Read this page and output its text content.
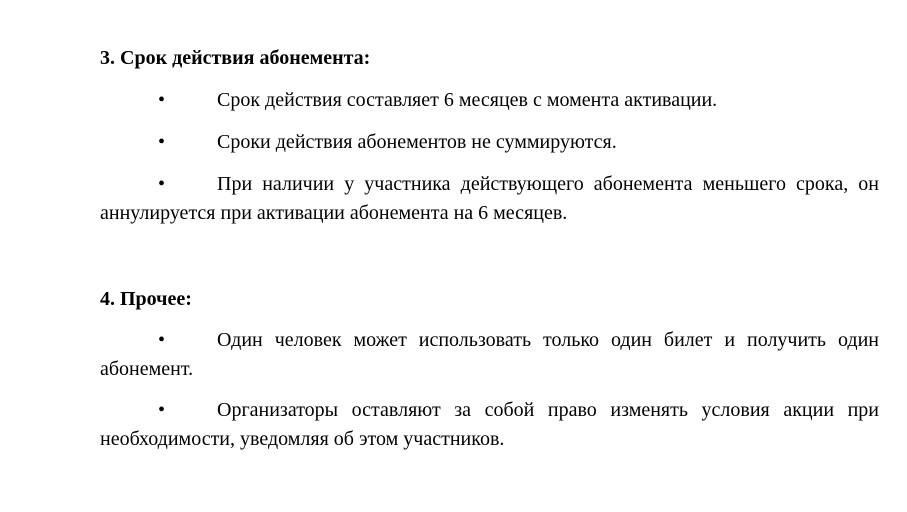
3. Срок действия абонемента:

•	Срок действия составляет 6 месяцев с момента активации.

•	Сроки действия абонементов не суммируются.

•	При наличии у участника действующего абонемента меньшего срока, он аннулируется при активации абонемента на 6 месяцев.

4. Прочее:

•	Один человек может использовать только один билет и получить один абонемент.

•	Организаторы оставляют за собой право изменять условия акции при необходимости, уведомляя об этом участников.
